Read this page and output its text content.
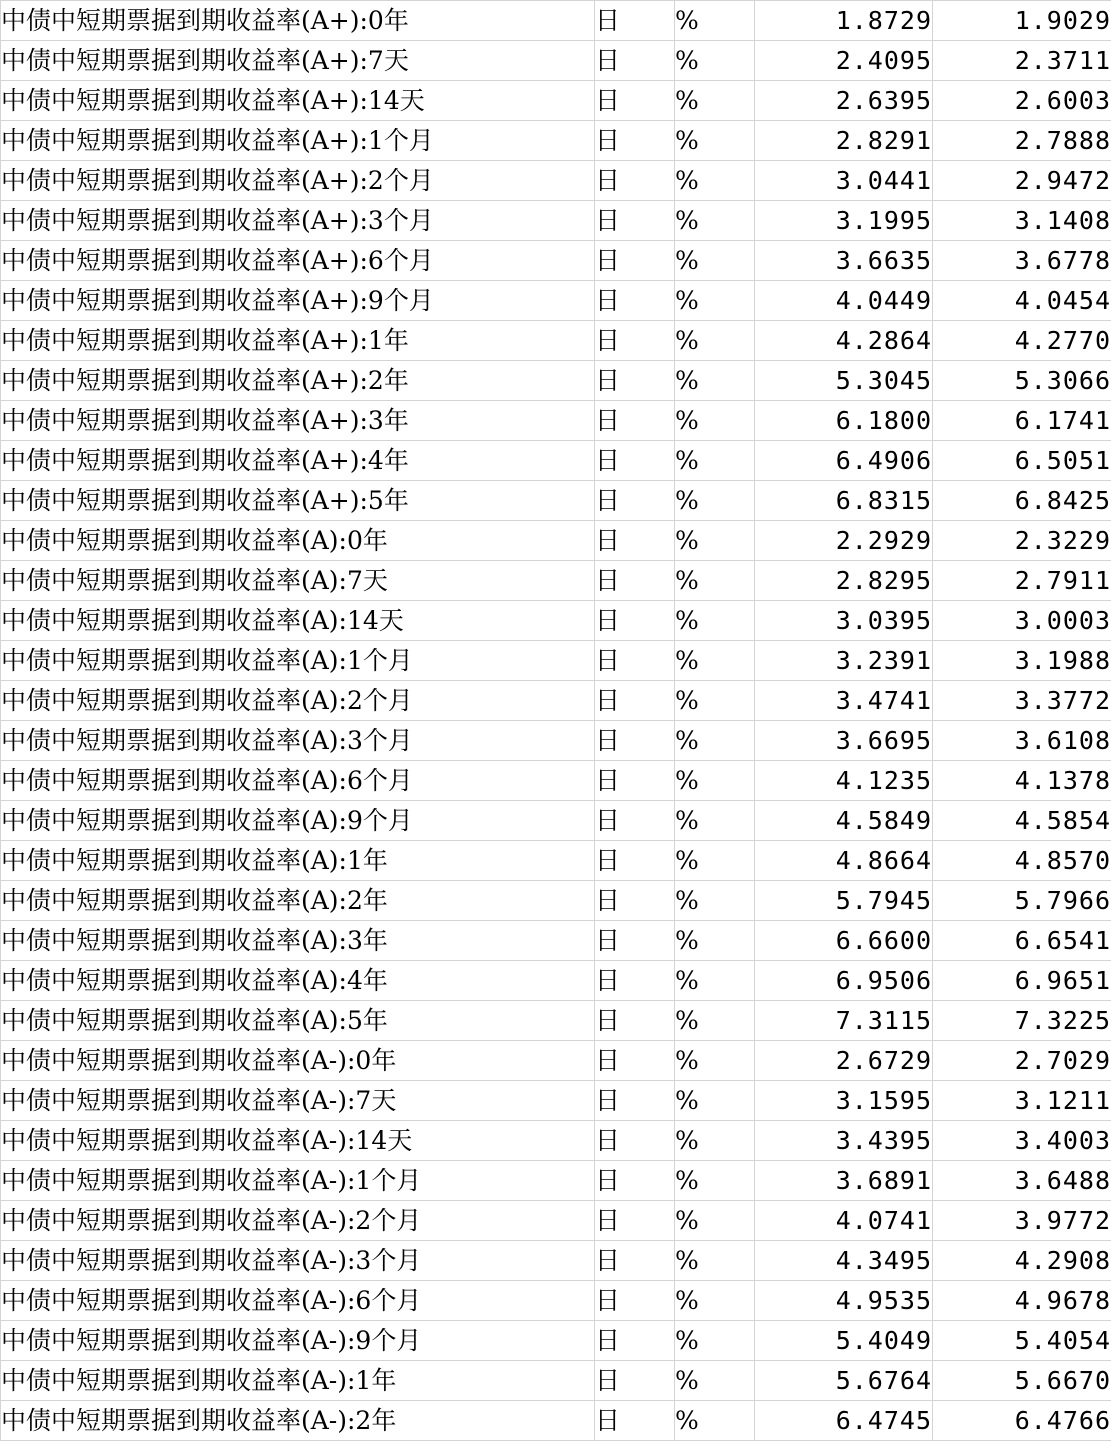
中债中短期票据到期收益率(A+):0年	日	%	1.8729	1.9029
中债中短期票据到期收益率(A+):7天	日	%	2.4095	2.3711
中债中短期票据到期收益率(A+):14天	日	%	2.6395	2.6003
中债中短期票据到期收益率(A+):1个月	日	%	2.8291	2.7888
中债中短期票据到期收益率(A+):2个月	日	%	3.0441	2.9472
中债中短期票据到期收益率(A+):3个月	日	%	3.1995	3.1408
中债中短期票据到期收益率(A+):6个月	日	%	3.6635	3.6778
中债中短期票据到期收益率(A+):9个月	日	%	4.0449	4.0454
中债中短期票据到期收益率(A+):1年	日	%	4.2864	4.2770
中债中短期票据到期收益率(A+):2年	日	%	5.3045	5.3066
中债中短期票据到期收益率(A+):3年	日	%	6.1800	6.1741
中债中短期票据到期收益率(A+):4年	日	%	6.4906	6.5051
中债中短期票据到期收益率(A+):5年	日	%	6.8315	6.8425
中债中短期票据到期收益率(A):0年	日	%	2.2929	2.3229
中债中短期票据到期收益率(A):7天	日	%	2.8295	2.7911
中债中短期票据到期收益率(A):14天	日	%	3.0395	3.0003
中债中短期票据到期收益率(A):1个月	日	%	3.2391	3.1988
中债中短期票据到期收益率(A):2个月	日	%	3.4741	3.3772
中债中短期票据到期收益率(A):3个月	日	%	3.6695	3.6108
中债中短期票据到期收益率(A):6个月	日	%	4.1235	4.1378
中债中短期票据到期收益率(A):9个月	日	%	4.5849	4.5854
中债中短期票据到期收益率(A):1年	日	%	4.8664	4.8570
中债中短期票据到期收益率(A):2年	日	%	5.7945	5.7966
中债中短期票据到期收益率(A):3年	日	%	6.6600	6.6541
中债中短期票据到期收益率(A):4年	日	%	6.9506	6.9651
中债中短期票据到期收益率(A):5年	日	%	7.3115	7.3225
中债中短期票据到期收益率(A-):0年	日	%	2.6729	2.7029
中债中短期票据到期收益率(A-):7天	日	%	3.1595	3.1211
中债中短期票据到期收益率(A-):14天	日	%	3.4395	3.4003
中债中短期票据到期收益率(A-):1个月	日	%	3.6891	3.6488
中债中短期票据到期收益率(A-):2个月	日	%	4.0741	3.9772
中债中短期票据到期收益率(A-):3个月	日	%	4.3495	4.2908
中债中短期票据到期收益率(A-):6个月	日	%	4.9535	4.9678
中债中短期票据到期收益率(A-):9个月	日	%	5.4049	5.4054
中债中短期票据到期收益率(A-):1年	日	%	5.6764	5.6670
中债中短期票据到期收益率(A-):2年	日	%	6.4745	6.4766
